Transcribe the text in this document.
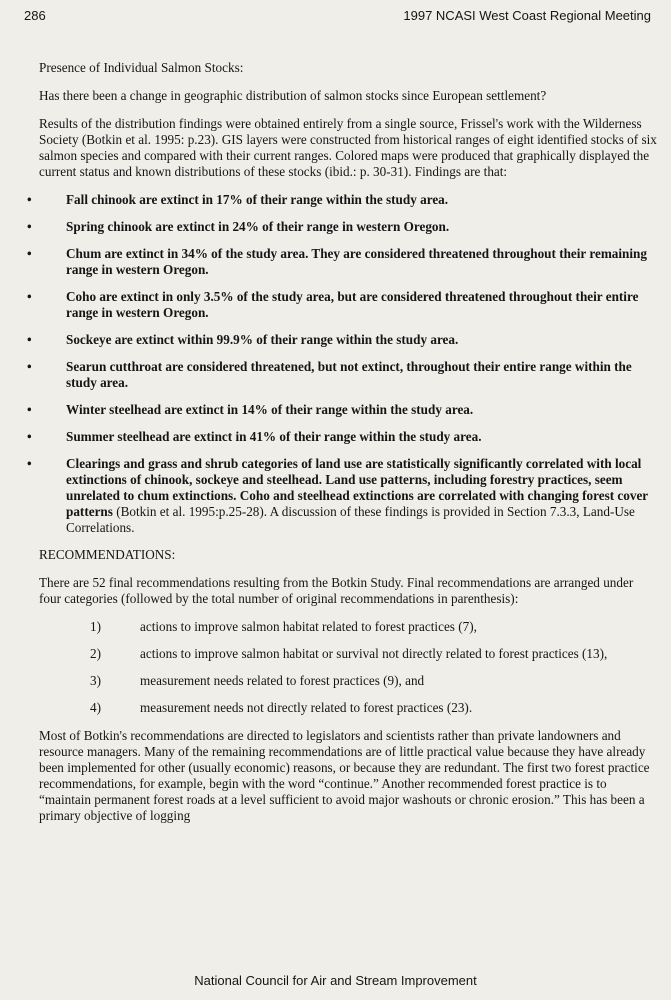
286	1997 NCASI West Coast Regional Meeting

Presence of Individual Salmon Stocks:

Has there been a change in geographic distribution of salmon stocks since European settlement?

Results of the distribution findings were obtained entirely from a single source, Frissel's work with the Wilderness Society (Botkin et al. 1995: p.23). GIS layers were constructed from historical ranges of eight identified stocks of six salmon species and compared with their current ranges. Colored maps were produced that graphically displayed the current status and known distributions of these stocks (ibid.: p. 30-31). Findings are that:

• Fall chinook are extinct in 17% of their range within the study area.
• Spring chinook are extinct in 24% of their range in western Oregon.
• Chum are extinct in 34% of the study area. They are considered threatened throughout their remaining range in western Oregon.
• Coho are extinct in only 3.5% of the study area, but are considered threatened throughout their entire range in western Oregon.
• Sockeye are extinct within 99.9% of their range within the study area.
• Searun cutthroat are considered threatened, but not extinct, throughout their entire range within the study area.
• Winter steelhead are extinct in 14% of their range within the study area.
• Summer steelhead are extinct in 41% of their range within the study area.
• Clearings and grass and shrub categories of land use are statistically significantly correlated with local extinctions of chinook, sockeye and steelhead. Land use patterns, including forestry practices, seem unrelated to chum extinctions. Coho and steelhead extinctions are correlated with changing forest cover patterns (Botkin et al. 1995:p.25-28). A discussion of these findings is provided in Section 7.3.3, Land-Use Correlations.

RECOMMENDATIONS:

There are 52 final recommendations resulting from the Botkin Study. Final recommendations are arranged under four categories (followed by the total number of original recommendations in parenthesis):

1)	actions to improve salmon habitat related to forest practices (7),
2)	actions to improve salmon habitat or survival not directly related to forest practices (13),
3)	measurement needs related to forest practices (9), and
4)	measurement needs not directly related to forest practices (23).

Most of Botkin's recommendations are directed to legislators and scientists rather than private landowners and resource managers. Many of the remaining recommendations are of little practical value because they have already been implemented for other (usually economic) reasons, or because they are redundant. The first two forest practice recommendations, for example, begin with the word “continue.” Another recommended forest practice is to “maintain permanent forest roads at a level sufficient to avoid major washouts or chronic erosion.” This has been a primary objective of logging

National Council for Air and Stream Improvement
